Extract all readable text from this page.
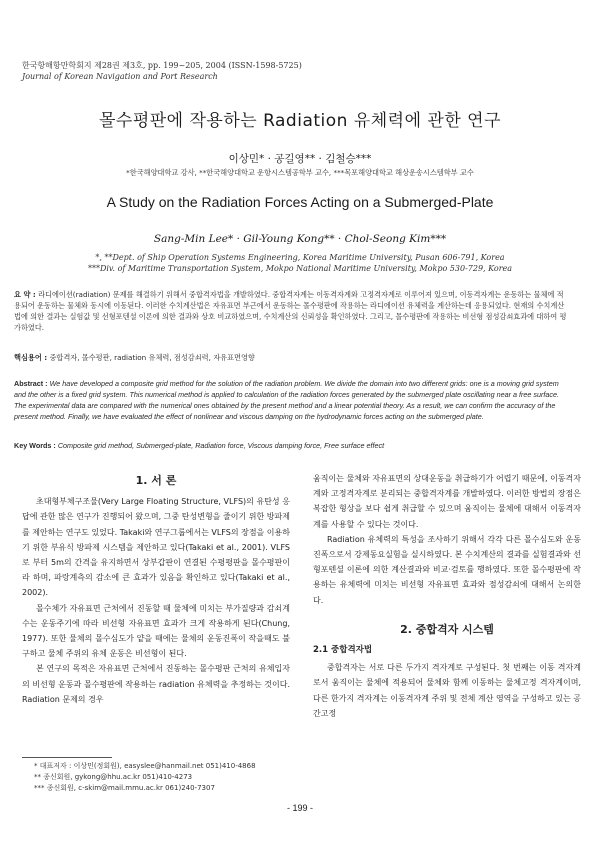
한국항해항만학회지 제28권 제3호, pp. 199~205, 2004 (ISSN-1598-5725)
Journal of Korean Navigation and Port Research
몰수평판에 작용하는 Radiation 유체력에 관한 연구
이상민* · 공길영** · 김철승***
*한국해양대학교 강사, **한국해양대학교 운항시스템공학부 교수, ***목포해양대학교 해상운송시스템학부 교수
A Study on the Radiation Forces Acting on a Submerged-Plate
Sang-Min Lee* · Gil-Young Kong** · Chol-Seong Kim***
*, **Dept. of Ship Operation Systems Engineering, Korea Maritime University, Pusan 606-791, Korea
***Div. of Maritime Transportation System, Mokpo National Maritime University, Mokpo 530-729, Korea
요 약 : 라디에이션(radiation) 문제를 해결하기 위해서 중합격자법을 개발하였다. 중합격자계는 이동격자계와 고정격자계로 이루어져 있으며, 이동격자계는 운동하는 물체에 적용되어 운동하는 물체와 동시에 이동된다. 이러한 수치계산법은 자유표면 부근에서 운동하는 몰수평판에 작용하는 라디에이션 유체력을 계산하는데 응용되었다. 현재의 수치계산법에 의한 결과는 실험값 및 선형포텐셜 이론에 의한 결과와 상호 비교하였으며, 수치계산의 신뢰성을 확인하였다. 그리고, 몰수평판에 작용하는 비선형 점성감쇠효과에 대하여 평가하였다.
핵심용어 : 중합격자, 몰수평판, radiation 유체력, 점성감쇠력, 자유표면영향
Abstract : We have developed a composite grid method for the solution of the radiation problem. We divide the domain into two different grids: one is a moving grid system and the other is a fixed grid system. This numerical method is applied to calculation of the radiation forces generated by the submerged plate oscillating near a free surface. The experimental data are compared with the numerical ones obtained by the present method and a linear potential theory. As a result, we can confirm the accuracy of the present method. Finally, we have evaluated the effect of nonlinear and viscous damping on the hydrodynamic forces acting on the submerged plate.
Key Words : Composite grid method, Submerged-plate, Radiation force, Viscous damping force, Free surface effect
1. 서 론

초대형부체구조물(Very Large Floating Structure, VLFS)의 유탄성 응답에 관한 많은 연구가 진행되어 왔으며, 그중 탄성변형을 줄이기 위한 방파제를 제안하는 연구도 있었다. Takaki와 연구그룹에서는 VLFS의 장점을 이용하기 위한 부유식 방파제 시스템을 제안하고 있다(Takaki et al., 2001). VLFS로 부터 5m의 간격을 유지하면서 상부갑판이 연결된 수평평판을 몰수평판이라 하며, 파랑계측의 감소에 큰 효과가 있음을 확인하고 있다(Takaki et al., 2002).

몰수체가 자유표면 근처에서 진동할 때 물체에 미치는 부가질량과 감쇠계수는 운동주기에 따라 비선형 자유표면 효과가 크게 작용하게 된다(Chung, 1977). 또한 물체의 몰수심도가 얕을 때에는 물체의 운동진폭이 작을때도 불구하고 물체 주위의 유체 운동은 비선형이 된다.

본 연구의 목적은 자유표면 근처에서 진동하는 몰수평판 근처의 유체입자의 비선형 운동과 몰수평판에 작용하는 radiation 유체력을 추정하는 것이다. Radiation 문제의 경우

움직이는 물체와 자유표면의 상대운동을 취급하기가 어렵기 때문에, 이동격자계와 고정격자계로 분리되는 중합격자계를 개발하였다. 이러한 방법의 장점은 복잡한 형상을 보다 쉽게 취급할 수 있으며 움직이는 물체에 대해서 이동격자계를 사용할 수 있다는 것이다.

Radiation 유체력의 특성을 조사하기 위해서 각각 다른 몰수심도와 운동진폭으로서 강제동요실험을 실시하였다. 본 수치계산의 결과를 실험결과와 선형포텐셜 이론에 의한 계산결과와 비교·검토를 행하였다. 또한 몰수평판에 작용하는 유체력에 미치는 비선형 자유표면 효과와 점성감쇠에 대해서 논의한다.

2. 중합격자 시스템
2.1 중합격자법

중합격자는 서로 다른 두가지 격자계로 구성된다. 첫 번째는 이동 격자계로서 움직이는 물체에 적용되어 물체와 함께 이동하는 물체고정 격자계이며, 다른 한가지 격자계는 이동격자계 주위 및 전체 계산 영역을 구성하고 있는 공간고정

* 대표저자 : 이상민(정회원), easyslee@hanmail.net 051)410-4868
** 종신회원, gykong@hhu.ac.kr 051)410-4273
*** 종신회원, c-skim@mail.mmu.ac.kr 061)240-7307
- 199 -
